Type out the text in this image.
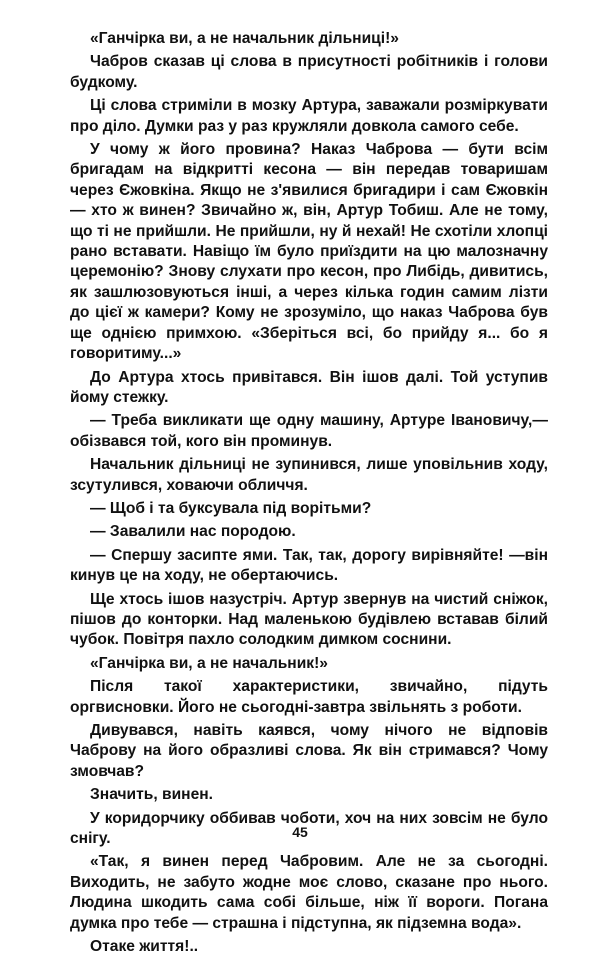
«Ганчірка ви, а не начальник дільниці!»

Чабров сказав ці слова в присутності робітників і голови будкому.

Ці слова стриміли в мозку Артура, заважали розміркувати про діло. Думки раз у раз кружляли довкола самого себе.

У чому ж його провина? Наказ Чаброва — бути всім бригадам на відкритті кесона — він передав товаришам через Єжовкіна. Якщо не з'явилися бригадири і сам Єжовкін — хто ж винен? Звичайно ж, він, Артур Тобиш. Але не тому, що ті не прийшли. Не прийшли, ну й нехай! Не схотіли хлопці рано вставати. Навіщо їм було приїздити на цю малозначну церемонію? Знову слухати про кесон, про Либідь, дивитись, як зашлюзовуються інші, а через кілька годин самим лізти до цієї ж камери? Кому не зрозуміло, що наказ Чаброва був ще однією примхою. «Зберіться всі, бо прийду я... бо я говоритиму...»

До Артура хтось привітався. Він ішов далі. Той уступив йому стежку.

— Треба викликати ще одну машину, Артуре Івановичу,— обізвався той, кого він проминув.

Начальник дільниці не зупинився, лише уповільнив ходу, зсутулився, ховаючи обличчя.

— Щоб і та буксувала під ворітьми?

— Завалили нас породою.

— Спершу засипте ями. Так, так, дорогу вирівняйте! —він кинув це на ходу, не обертаючись.

Ще хтось ішов назустріч. Артур звернув на чистий сніжок, пішов до конторки. Над маленькою будівлею вставав білий чубок. Повітря пахло солодким димком соснини.

«Ганчірка ви, а не начальник!»

Після такої характеристики, звичайно, підуть оргвисновки. Його не сьогодні-завтра звільнять з роботи.

Дивувався, навіть каявся, чому нічого не відповів Чаброву на його образливі слова. Як він стримався? Чому змовчав?

Значить, винен.

У коридорчику оббивав чоботи, хоч на них зовсім не було снігу.

«Так, я винен перед Чабровим. Але не за сьогодні. Виходить, не забуто жодне моє слово, сказане про нього. Людина шкодить сама собі більше, ніж її вороги. Погана думка про тебе — страшна і підступна, як підземна вода».

Отаке життя!..

45
